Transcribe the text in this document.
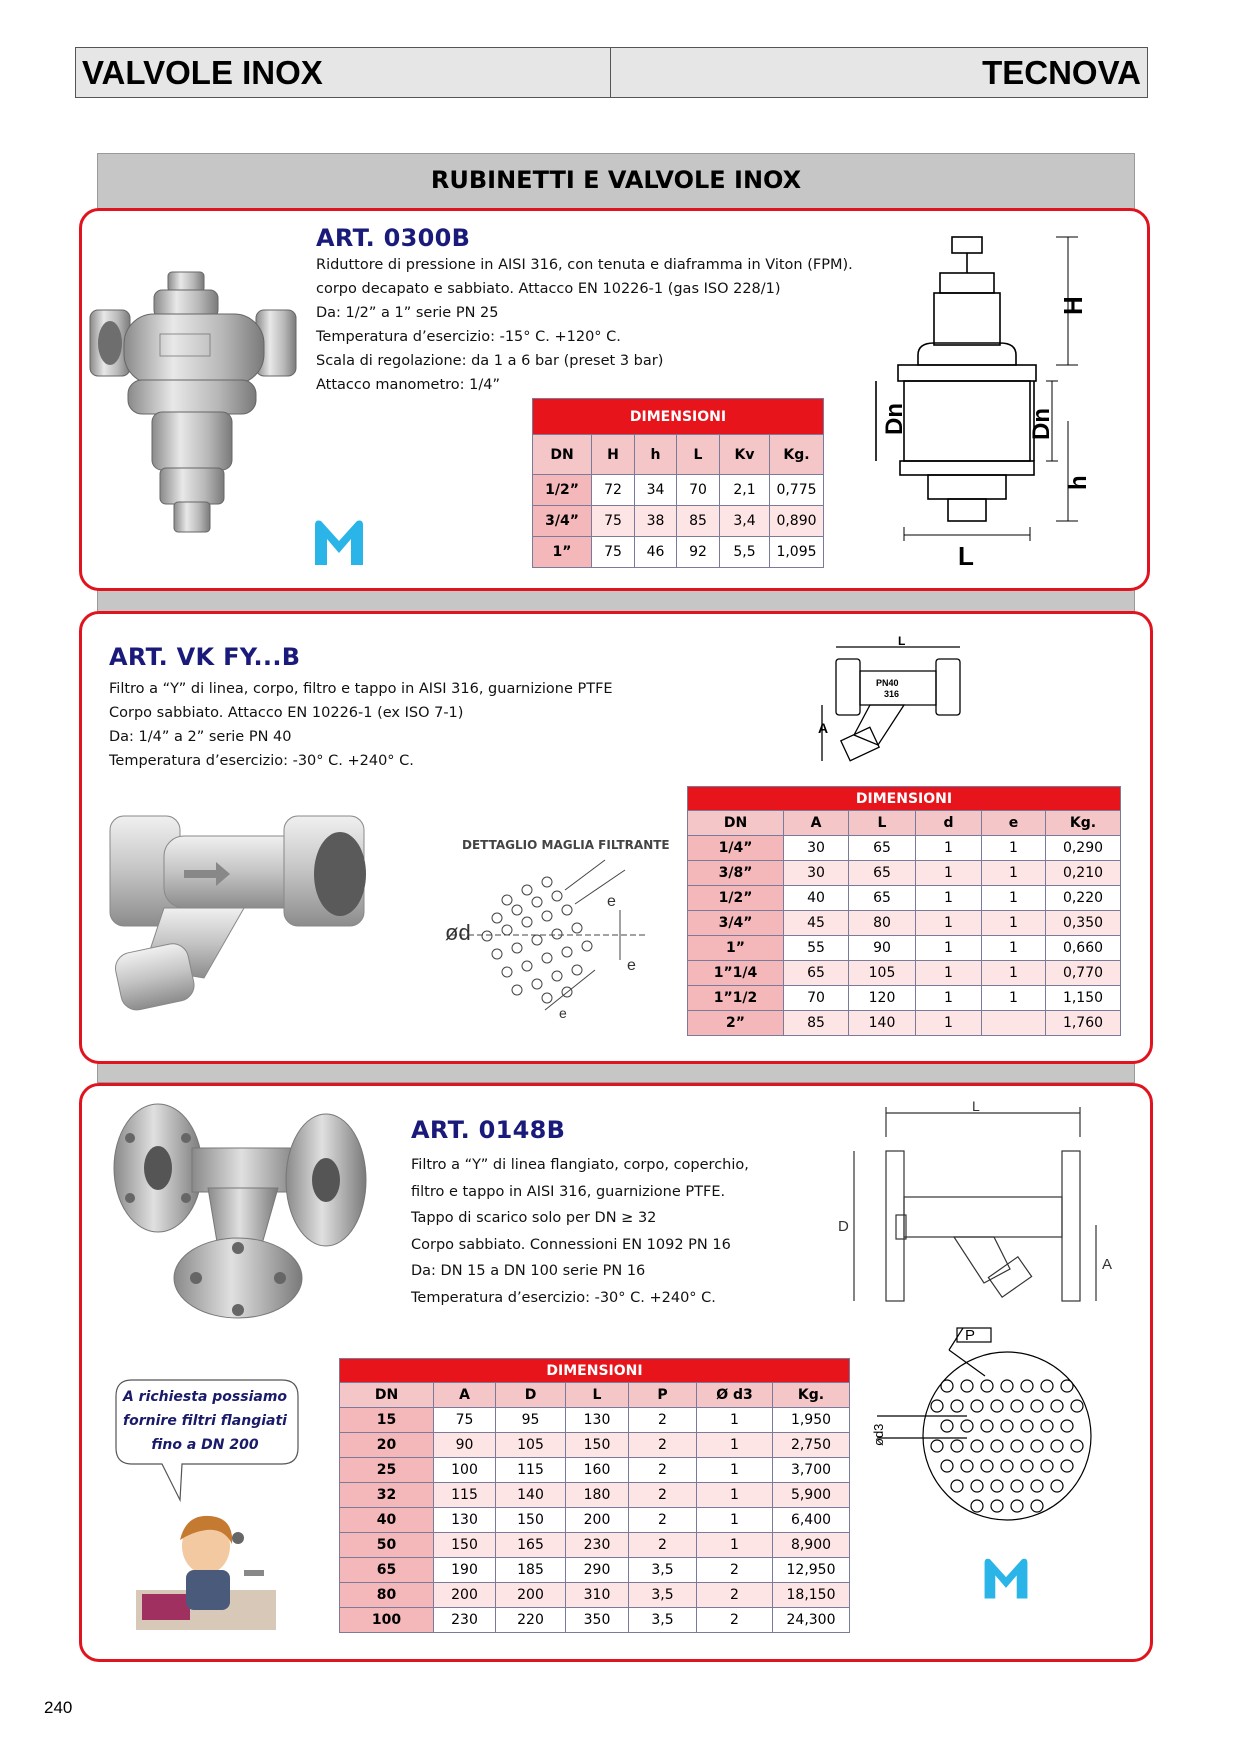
VALVOLE INOX	TECNOVA
RUBINETTI E VALVOLE INOX
ART. 0300B
Riduttore di pressione in AISI 316, con tenuta e diaframma in Viton (FPM).
corpo decapato e sabbiato. Attacco EN 10226-1 (gas ISO 228/1)
Da: 1/2” a 1” serie PN 25
Temperatura d’esercizio: -15° C. +120° C.
Scala di regolazione: da 1 a 6 bar (preset 3 bar)
Attacco manometro: 1/4”
DIMENSIONI					
DN	H	h	L	Kv	Kg.
1/2”	72	34	70	2,1	0,775
3/4”	75	38	85	3,4	0,890
1”	75	46	92	5,5	1,095
H
Dn	Dn
h
L
ART. VK FY...B
Filtro a “Y” di linea, corpo, filtro e tappo in AISI 316, guarnizione PTFE
Corpo sabbiato. Attacco EN 10226-1 (ex ISO 7-1)
Da: 1/4” a 2” serie PN 40
Temperatura d’esercizio: -30° C. +240° C.
DETTAGLIO MAGLIA FILTRANTE
ød
e
e
e
L
A
PN40
316
DIMENSIONI					
DN	A	L	d	e	Kg.
1/4”	30	65	1	1	0,290
3/8”	30	65	1	1	0,210
1/2”	40	65	1	1	0,220
3/4”	45	80	1	1	0,350
1”	55	90	1	1	0,660
1”1/4	65	105	1	1	0,770
1”1/2	70	120	1	1	1,150
2”	85	140	1		1,760
ART. 0148B
Filtro a “Y” di linea flangiato, corpo, coperchio,
filtro e tappo in AISI 316, guarnizione PTFE.
Tappo di scarico solo per DN ≥ 32
Corpo sabbiato. Connessioni EN 1092 PN 16
Da: DN 15 a DN 100 serie PN 16
Temperatura d’esercizio: -30° C. +240° C.
L
D
A
P
ød3
A richiesta possiamo
fornire filtri flangiati
fino a DN 200
DIMENSIONI						
DN	A	D	L	P	Ø d3	Kg.
15	75	95	130	2	1	1,950
20	90	105	150	2	1	2,750
25	100	115	160	2	1	3,700
32	115	140	180	2	1	5,900
40	130	150	200	2	1	6,400
50	150	165	230	2	1	8,900
65	190	185	290	3,5	2	12,950
80	200	200	310	3,5	2	18,150
100	230	220	350	3,5	2	24,300
240
